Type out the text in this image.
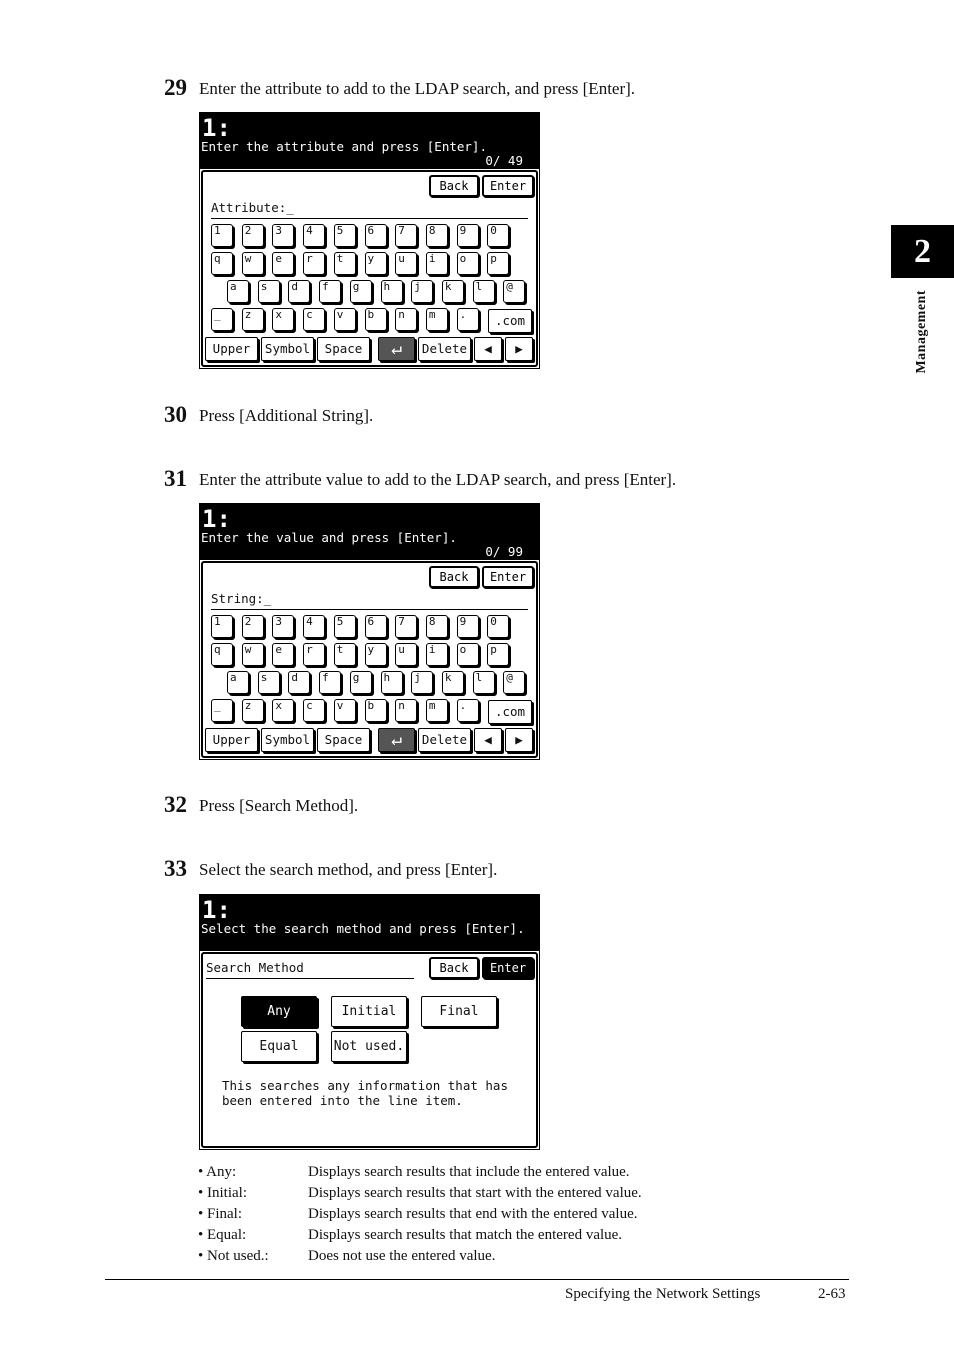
29 Enter the attribute to add to the LDAP search, and press [Enter].
30 Press [Additional String].
31 Enter the attribute value to add to the LDAP search, and press [Enter].
32 Press [Search Method].
33 Select the search method, and press [Enter].
1:
Enter the attribute and press [Enter].
0/ 49
Back	Enter
Attribute:_
1	2	3	4	5	6	7	8	9	0
q	w	e	r	t	y	u	i	o	p
a	s	d	f	g	h	j	k	l	@
_	z	x	c	v	b	n	m	.	.com
Upper	Symbol	Space	↵	Delete	◀	▶
1:
Enter the value and press [Enter].
0/ 99
Back	Enter
String:_
1	2	3	4	5	6	7	8	9	0
q	w	e	r	t	y	u	i	o	p
a	s	d	f	g	h	j	k	l	@
_	z	x	c	v	b	n	m	.	.com
Upper	Symbol	Space	↵	Delete	◀	▶
1:
Select the search method and press [Enter].
Search Method	Back	Enter
Any	Initial	Final
Equal	Not used.
This searches any information that has
been entered into the line item.
• Any:	Displays search results that include the entered value.
• Initial:	Displays search results that start with the entered value.
• Final:	Displays search results that end with the entered value.
• Equal:	Displays search results that match the entered value.
• Not used.:	Does not use the entered value.
2
Management
Specifying the Network Settings	2-63
